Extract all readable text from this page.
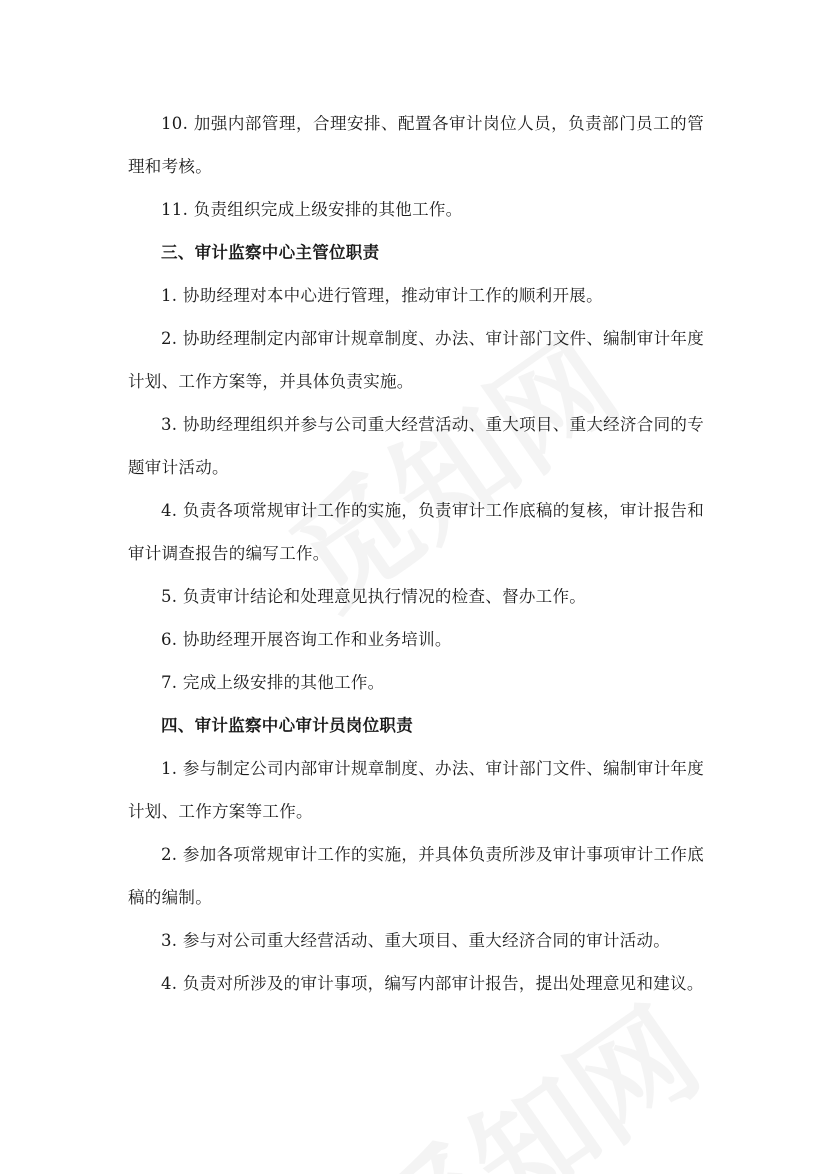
10. 加强内部管理，合理安排、配置各审计岗位人员，负责部门员工的管理和考核。

11. 负责组织完成上级安排的其他工作。

三、审计监察中心主管位职责

1. 协助经理对本中心进行管理，推动审计工作的顺利开展。

2. 协助经理制定内部审计规章制度、办法、审计部门文件、编制审计年度计划、工作方案等，并具体负责实施。

3. 协助经理组织并参与公司重大经营活动、重大项目、重大经济合同的专题审计活动。

4. 负责各项常规审计工作的实施，负责审计工作底稿的复核，审计报告和审计调查报告的编写工作。

5. 负责审计结论和处理意见执行情况的检查、督办工作。

6. 协助经理开展咨询工作和业务培训。

7. 完成上级安排的其他工作。

四、审计监察中心审计员岗位职责

1. 参与制定公司内部审计规章制度、办法、审计部门文件、编制审计年度计划、工作方案等工作。

2. 参加各项常规审计工作的实施，并具体负责所涉及审计事项审计工作底稿的编制。

3. 参与对公司重大经营活动、重大项目、重大经济合同的审计活动。

4. 负责对所涉及的审计事项，编写内部审计报告，提出处理意见和建议。
